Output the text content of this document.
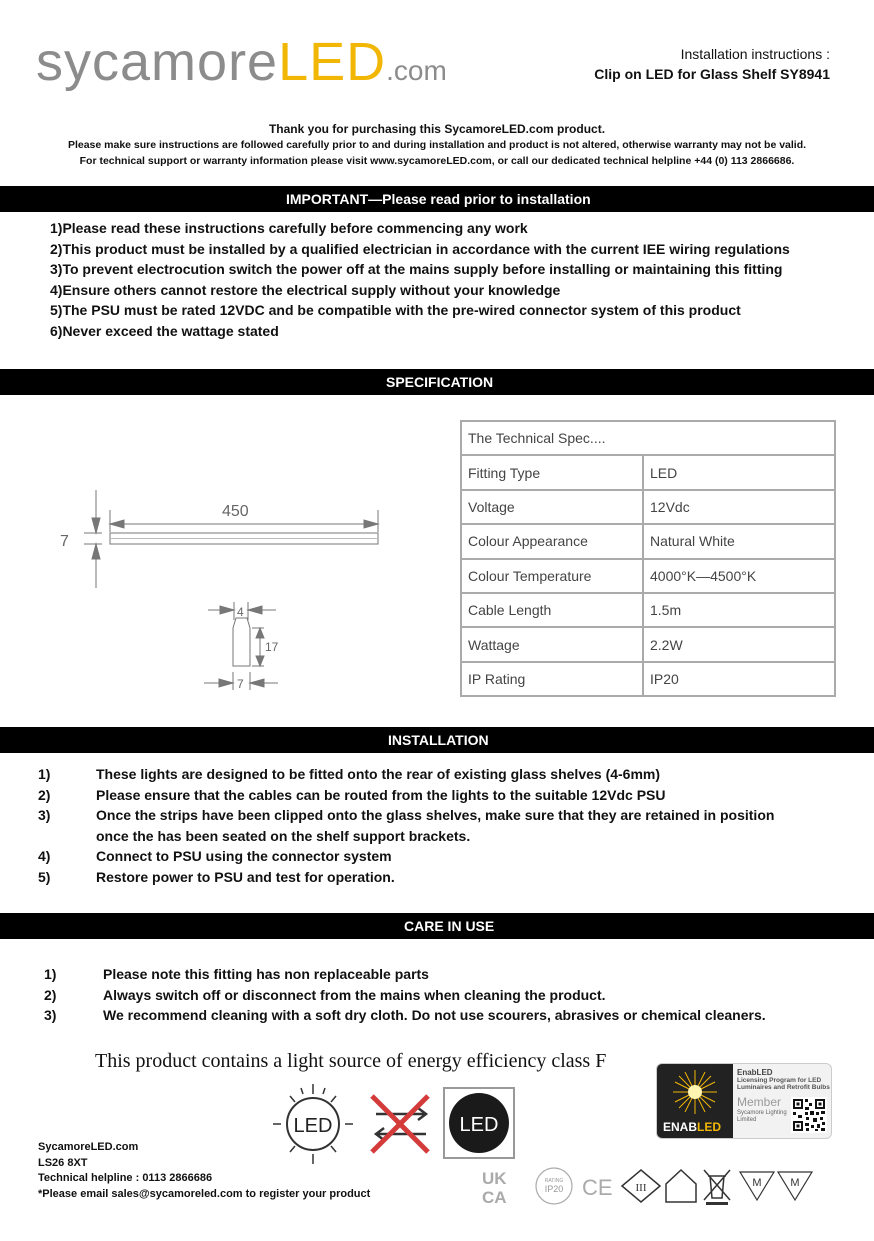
sycamoreLED.com
Installation instructions :
Clip on LED for Glass Shelf SY8941
Thank you for purchasing this SycamoreLED.com product.
Please make sure instructions are followed carefully prior to and during installation and product is not altered, otherwise warranty may not be valid.
For technical support or warranty information please visit www.sycamoreLED.com, or call our dedicated technical helpline +44 (0) 113 2866686.
IMPORTANT—Please read prior to installation
1)Please read these instructions carefully before commencing any work
2)This product must be installed by a qualified electrician in accordance with the current IEE wiring regulations
3)To prevent electrocution switch the power off at the mains supply before installing or maintaining this fitting
4)Ensure others cannot restore the electrical supply without your knowledge
5)The PSU must be rated 12VDC and be compatible with the pre-wired connector system of this product
6)Never exceed the wattage stated
SPECIFICATION
450
7
4
17
7
The Technical Spec....	
Fitting Type	LED
Voltage	12Vdc
Colour Appearance	Natural White
Colour Temperature	4000°K—4500°K
Cable Length	1.5m
Wattage	2.2W
IP Rating	IP20
INSTALLATION
1)	These lights are designed to be fitted onto the rear of existing glass shelves (4-6mm)
2)	Please ensure that the cables can be routed from the lights to the suitable 12Vdc PSU
3)	Once the strips have been clipped onto the glass shelves, make sure that they are retained in position
once the has been seated on the shelf support brackets.
4)	Connect to PSU using the connector system
5)	Restore power to PSU and test for operation.
CARE IN USE
1)	Please note this fitting has non replaceable parts
2)	Always switch off or disconnect from the mains when cleaning the product.
3)	We recommend cleaning with a soft dry cloth. Do not use scourers, abrasives or chemical cleaners.
This product contains a light source of energy efficiency class F
LED	LED	ENABLED
EnabLED
Licensing Program for LED
Luminaires and Retrofit Bulbs
Member
Sycamore Lighting Limited
SycamoreLED.com
LS26 8XT
Technical helpline : 0113 2866686
*Please email sales@sycamoreled.com to register your product
UK
CA
RATING
IP20 CE III	M	M
